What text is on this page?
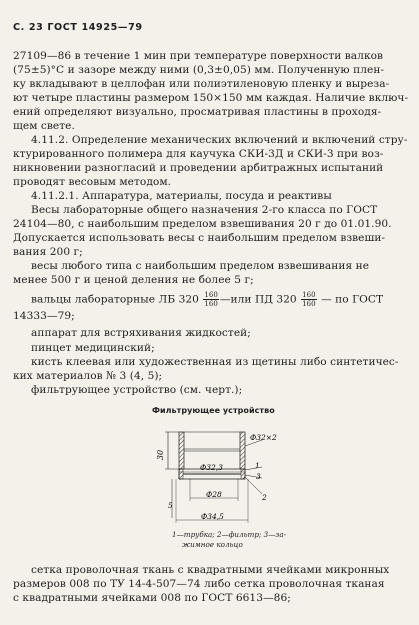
С. 23 ГОСТ 14925—79
27109—86 в течение 1 мин при температуре поверхности валков
(75±5)°С и зазоре между ними (0,3±0,05) мм. Полученную плен-
ку вкладывают в целлофан или полиэтиленовую пленку и выреза-
ют четыре пластины размером 150×150 мм каждая. Наличие включ-
ений определяют визуально, просматривая пластины в проходя-
щем свете.
4.11.2. Определение механических включений и включений стру-
ктурированного полимера для каучука СКИ-3Д и СКИ-3 при воз-
никновении разногласий и проведении арбитражных испытаний
проводят весовым методом.
4.11.2.1. Аппаратура, материалы, посуда и реактивы
Весы лабораторные общего назначения 2-го класса по ГОСТ
24104—80, с наибольшим пределом взвешивания 20 г до 01.01.90.
Допускается использовать весы с наибольшим пределом взвеши-
вания 200 г;
весы любого типа с наибольшим пределом взвешивания не
менее 500 г и ценой деления не более 5 г;
вальцы лабораторные ЛБ $320 \frac{160}{160}$ —или ПД $320 \frac{160}{160}$ — по ГОСТ
14333—79;
аппарат для встряхивания жидкостей;
пинцет медицинский;
кисть клеевая или художественная из щетины либо синтетичес-
ких материалов № 3 (4, 5);
фильтрующее устройство (см. черт.);
Фильтрующее устройство
30
Ф32×2
Ф32,3	1
3
2
5
Ф28
Ф34,5
1—трубка; 2—фильтр; 3—за-
жимное кольцо
сетка проволочная ткань с квадратными ячейками микронных
размеров 008 по ТУ 14-4-507—74 либо сетка проволочная тканая
с квадратными ячейками 008 по ГОСТ 6613—86;
